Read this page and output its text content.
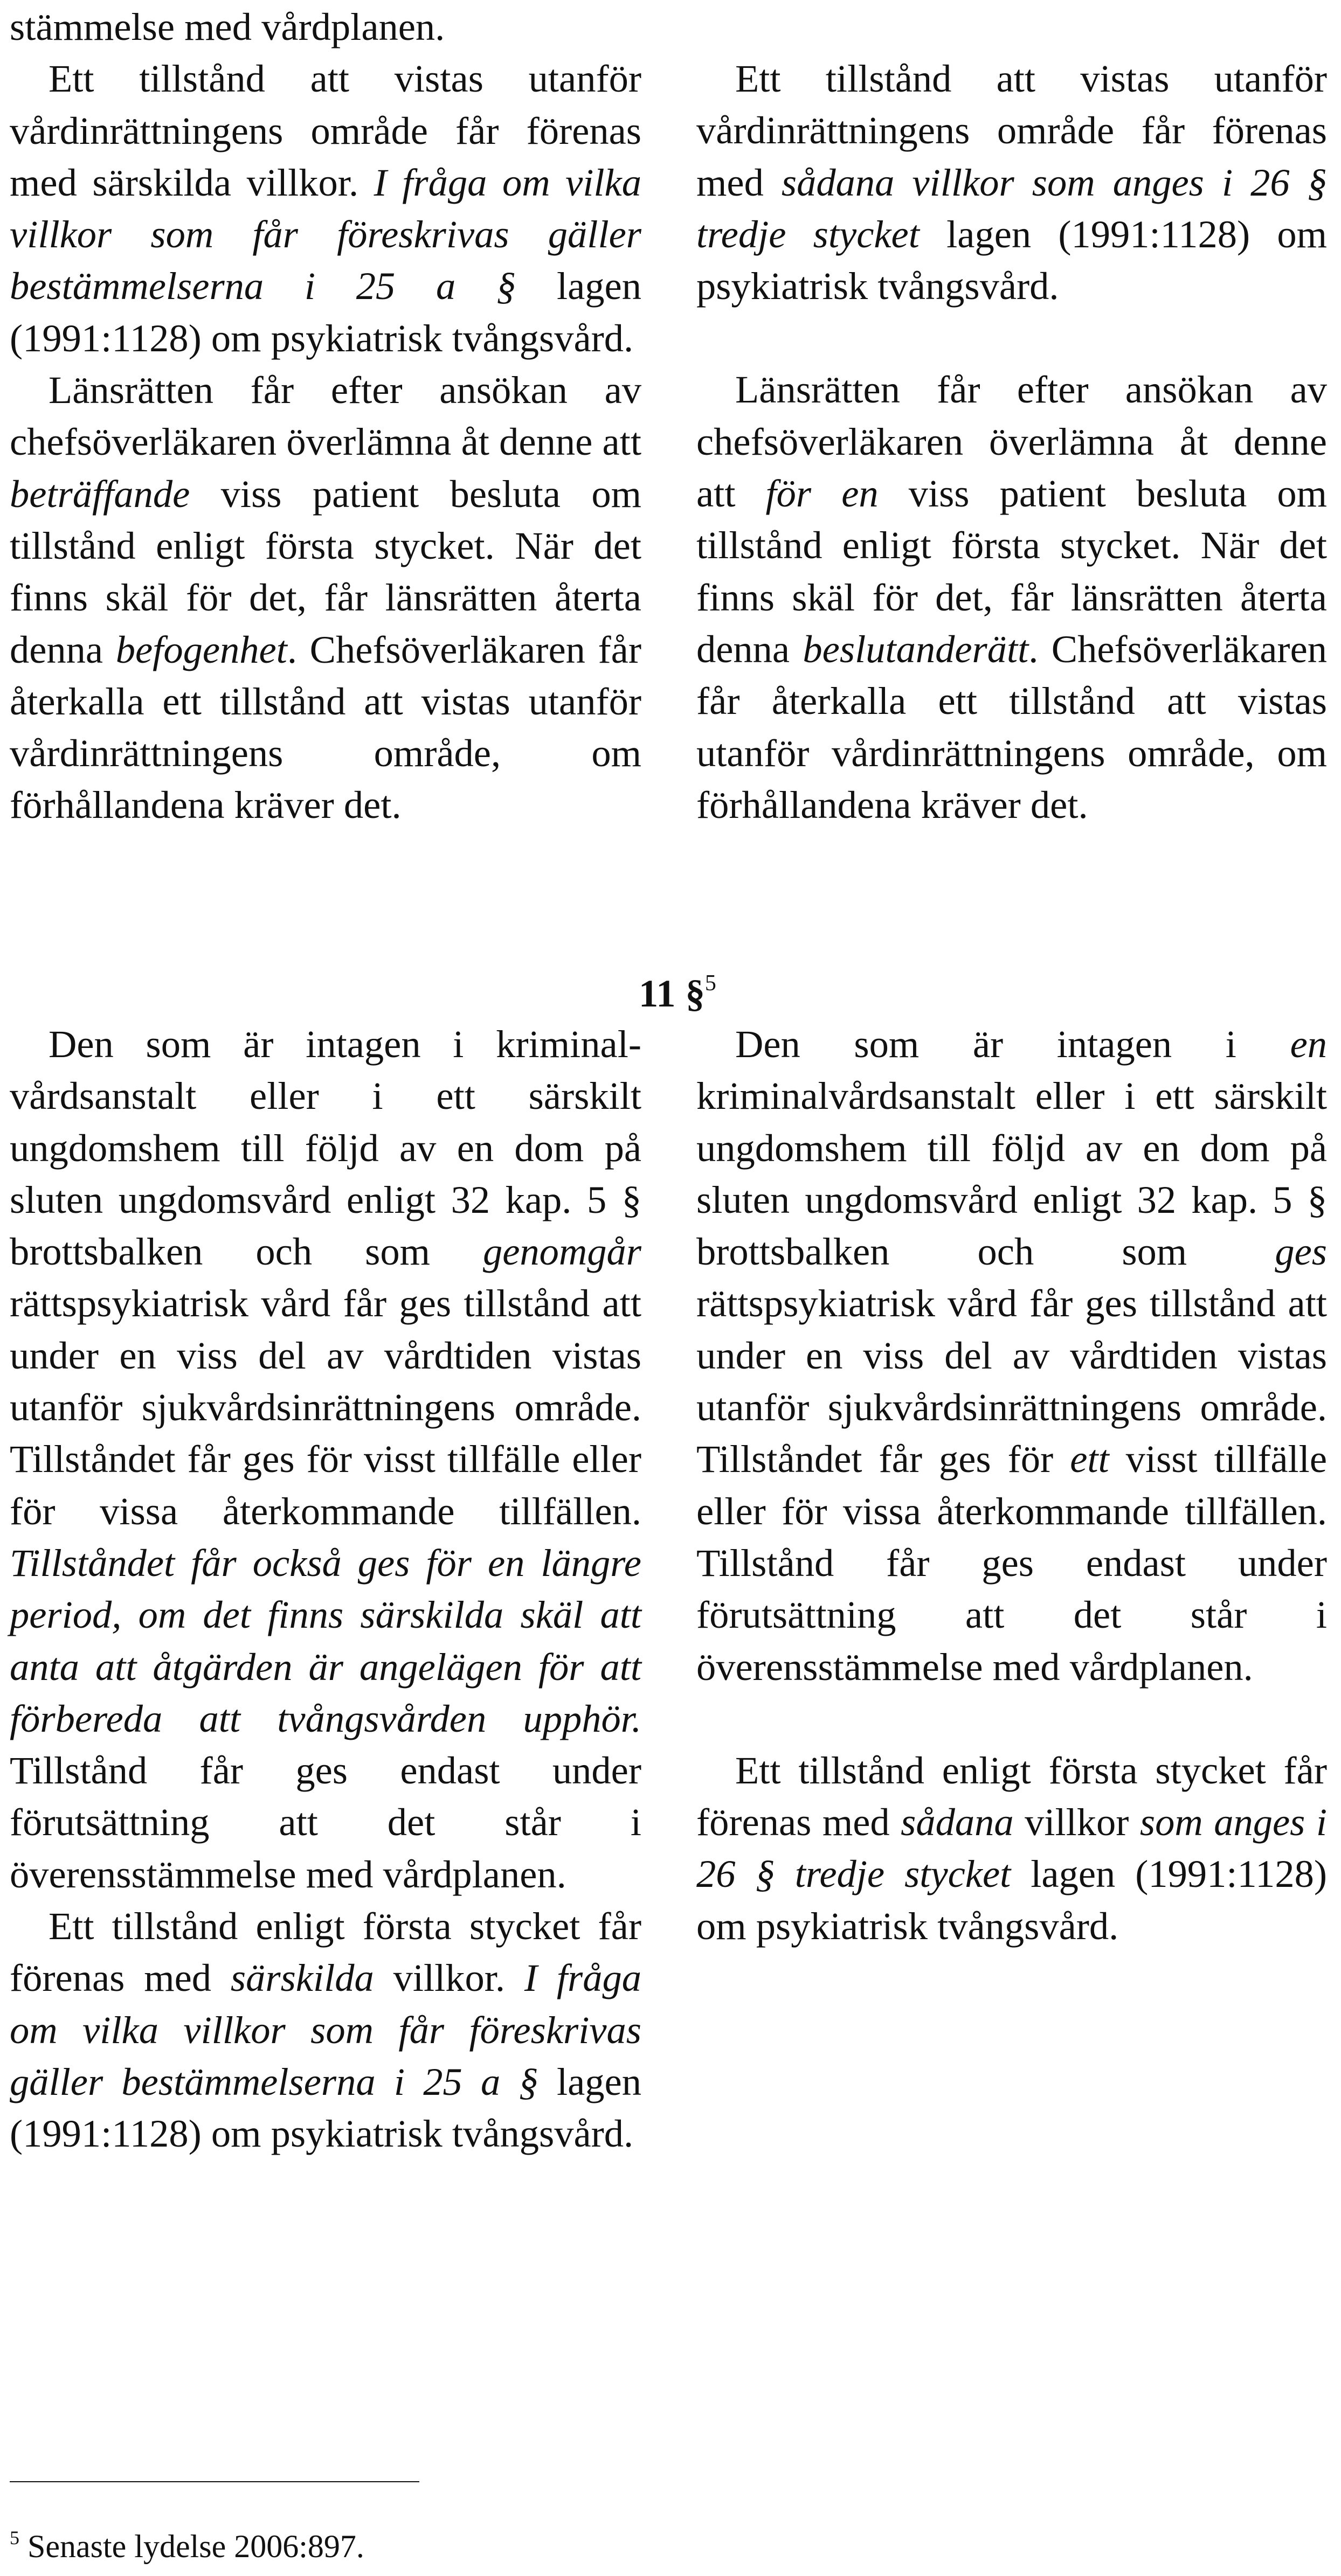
stämmelse med vårdplanen.

Ett tillstånd att vistas utanför vårdinrättningens område får förenas med särskilda villkor. I fråga om vilka villkor som får föreskrivas gäller bestämmelserna i 25 a § lagen (1991:1128) om psykiatrisk tvångsvård.

Länsrätten får efter ansökan av chefsöverläkaren överlämna åt denne att beträffande viss patient besluta om tillstånd enligt första stycket. När det finns skäl för det, får länsrätten återta denna befogenhet. Chefsöverläkaren får återkalla ett tillstånd att vistas utanför vårdinrättningens område, om förhållandena kräver det.

Ett tillstånd att vistas utanför vårdinrättningens område får förenas med sådana villkor som anges i 26 § tredje stycket lagen (1991:1128) om psykiatrisk tvångsvård.

Länsrätten får efter ansökan av chefsöverläkaren överlämna åt denne att för en viss patient besluta om tillstånd enligt första stycket. När det finns skäl för det, får länsrätten återta denna beslutanderätt. Chefsöverläkaren får återkalla ett tillstånd att vistas utanför vårdinrättningens område, om förhållandena kräver det.

11 §$^5$

Den som är intagen i kriminalvårdsanstalt eller i ett särskilt ungdomshem till följd av en dom på sluten ungdomsvård enligt 32 kap. 5 § brottsbalken och som genomgår rättspsykiatrisk vård får ges tillstånd att under en viss del av vårdtiden vistas utanför sjukvårdsinrättningens område. Tillståndet får ges för visst tillfälle eller för vissa återkommande tillfällen. Tillståndet får också ges för en längre period, om det finns särskilda skäl att anta att åtgärden är angelägen för att förbereda att tvångsvården upphör. Tillstånd får ges endast under förutsättning att det står i överensstämmelse med vårdplanen.

Ett tillstånd enligt första stycket får förenas med särskilda villkor. I fråga om vilka villkor som får föreskrivas gäller bestämmelserna i 25 a § lagen (1991:1128) om psykiatrisk tvångsvård.

Den som är intagen i en kriminalvårdsanstalt eller i ett särskilt ungdomshem till följd av en dom på sluten ungdomsvård enligt 32 kap. 5 § brottsbalken och som ges rättspsykiatrisk vård får ges tillstånd att under en viss del av vårdtiden vistas utanför sjukvårdsinrättningens område. Tillståndet får ges för ett visst tillfälle eller för vissa återkommande tillfällen. Tillstånd får ges endast under förutsättning att det står i överensstämmelse med vårdplanen.

Ett tillstånd enligt första stycket får förenas med sådana villkor som anges i 26 § tredje stycket lagen (1991:1128) om psykiatrisk tvångsvård.

$^5$ Senaste lydelse 2006:897.
